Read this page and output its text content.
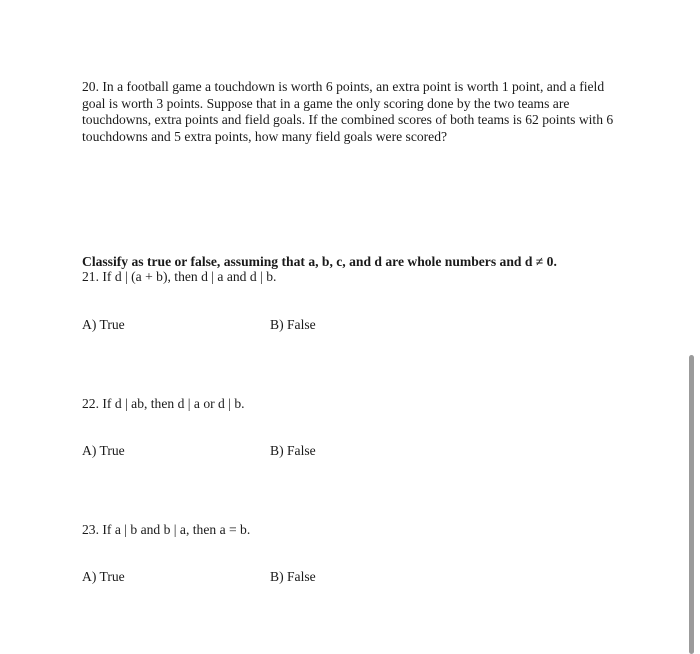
20. In a football game a touchdown is worth 6 points, an extra point is worth 1 point, and a field goal is worth 3 points. Suppose that in a game the only scoring done by the two teams are touchdowns, extra points and field goals. If the combined scores of both teams is 62 points with 6 touchdowns and 5 extra points, how many field goals were scored?

Classify as true or false, assuming that a, b, c, and d are whole numbers and d ≠ 0.

21. If d | (a + b), then d | a and d | b.

A) True	B) False

22. If d | ab, then d | a or d | b.

A) True	B) False

23. If a | b and b | a, then a = b.

A) True	B) False
